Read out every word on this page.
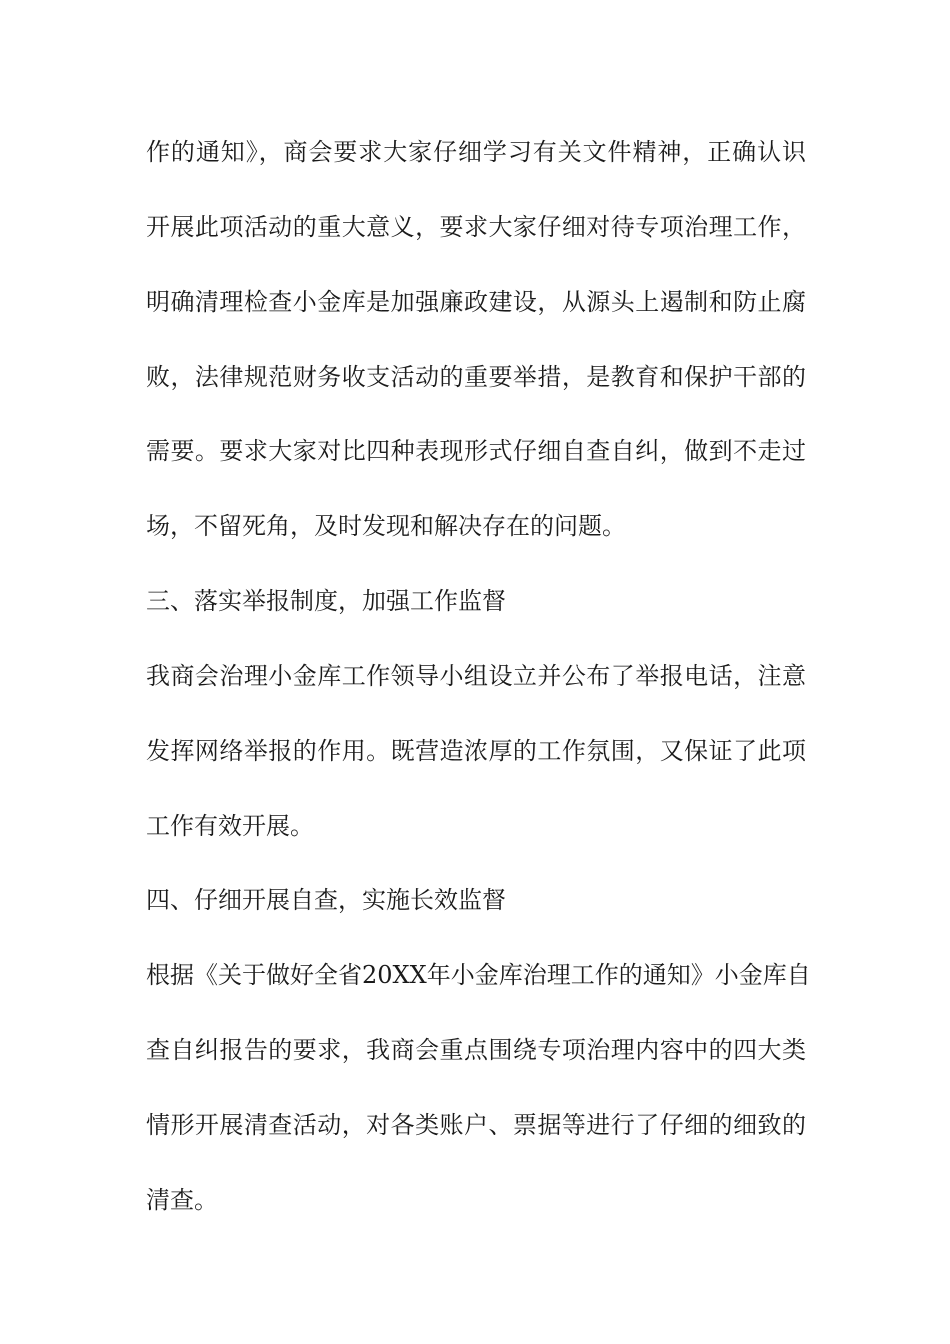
作的通知》，商会要求大家仔细学习有关文件精神，正确认识
开展此项活动的重大意义，要求大家仔细对待专项治理工作，
明确清理检查小金库是加强廉政建设，从源头上遏制和防止腐
败，法律规范财务收支活动的重要举措，是教育和保护干部的
需要。要求大家对比四种表现形式仔细自查自纠，做到不走过
场，不留死角，及时发现和解决存在的问题。
三、落实举报制度，加强工作监督
我商会治理小金库工作领导小组设立并公布了举报电话，注意
发挥网络举报的作用。既营造浓厚的工作氛围，又保证了此项
工作有效开展。
四、仔细开展自查，实施长效监督
根据《关于做好全省20XX年小金库治理工作的通知》小金库自
查自纠报告的要求，我商会重点围绕专项治理内容中的四大类
情形开展清查活动，对各类账户、票据等进行了仔细的细致的
清查。
